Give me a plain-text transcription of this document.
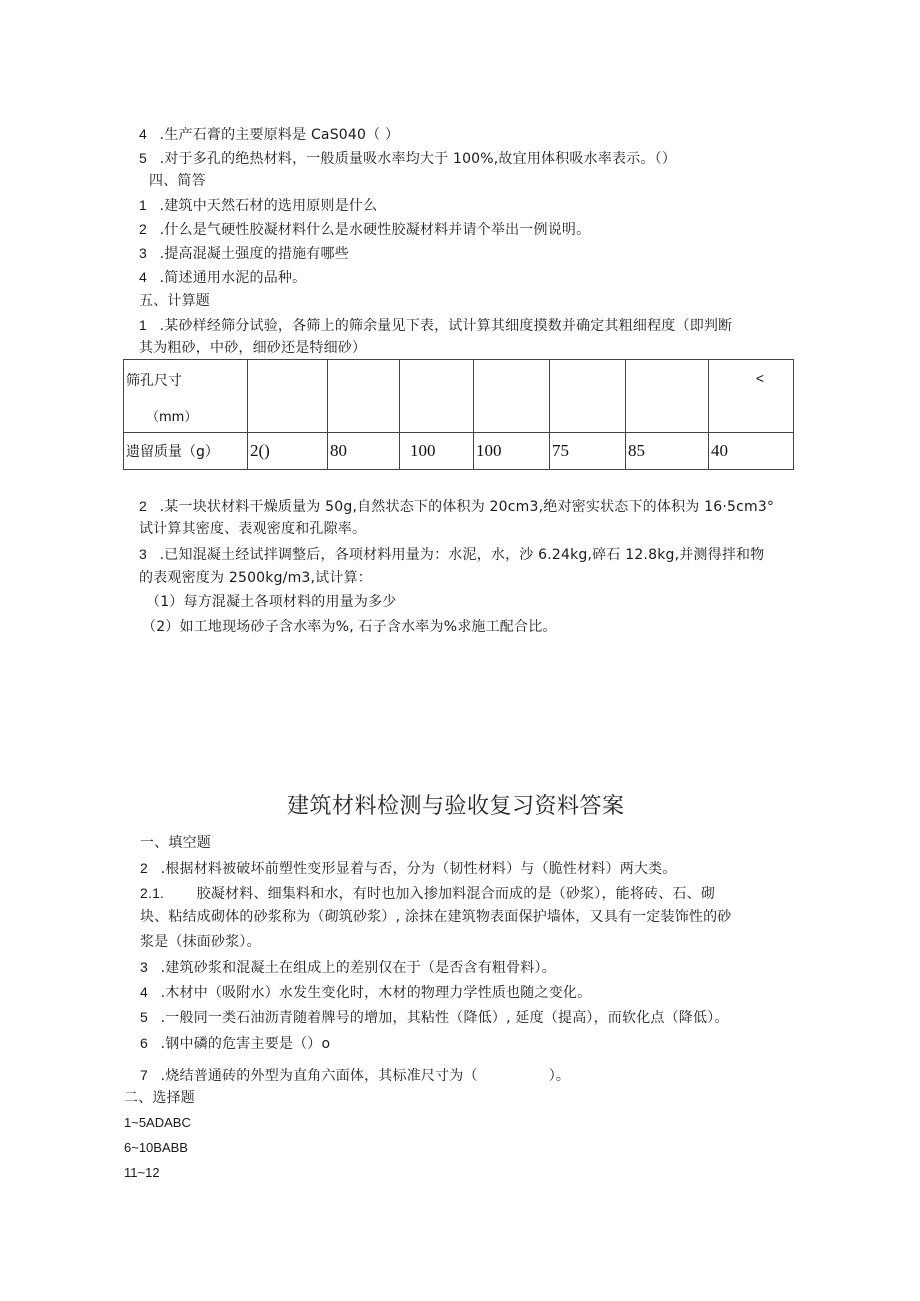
4 .生产石膏的主要原料是 CaS040（ ）
5 .对于多孔的绝热材料，一般质量吸水率均大于 100%,故宜用体积吸水率表示。（）
四、简答
1 .建筑中天然石材的选用原则是什么
2 .什么是气硬性胶凝材料什么是水硬性胶凝材料并请个举出一例说明。
3 .提高混凝土强度的措施有哪些
4 .简述通用水泥的品种。
五、计算题
1 .某砂样经筛分试验，各筛上的筛余量见下表，试计算其细度摸数并确定其粗细程度（即判断
其为粗砂，中砂，细砂还是特细砂）
筛孔尺寸
（mm）							<

遗留质量（g）	2()	80	100	100	75	85	40
2 .某一块状材料干燥质量为 50g,自然状态下的体积为 20cm3,绝对密实状态下的体积为 16·5cm3°
试计算其密度、表观密度和孔隙率。
3 .已知混凝土经试拌调整后，各项材料用量为：水泥，水，沙 6.24kg,碎石 12.8kg,并测得拌和物
的表观密度为 2500kg/m3,试计算：
（1）每方混凝土各项材料的用量为多少
（2）如工地现场砂子含水率为%, 石子含水率为%求施工配合比。
建筑材料检测与验收复习资料答案
一、填空题
2 .根据材料被破坏前塑性变形显着与否，分为（韧性材料）与（脆性材料）两大类。
2.1. 胶凝材料、细集料和水，有时也加入掺加料混合而成的是（砂浆），能将砖、石、砌
块、粘结成砌体的砂浆称为（砌筑砂浆）, 涂抹在建筑物表面保护墙体，又具有一定装饰性的砂
浆是（抹面砂浆）。
3 .建筑砂浆和混凝土在组成上的差别仅在于（是否含有粗骨料）。
4 .木材中（吸附水）水发生变化时，木材的物理力学性质也随之变化。
5 .一般同一类石油沥青随着牌号的增加，其粘性（降低）, 延度（提高），而软化点（降低）。
6 .钢中磷的危害主要是（）o
7 .烧结普通砖的外型为直角六面体，其标准尺寸为（　　　　　）。
二、选择题
1~5ADABC
6~10BABB
11~12
